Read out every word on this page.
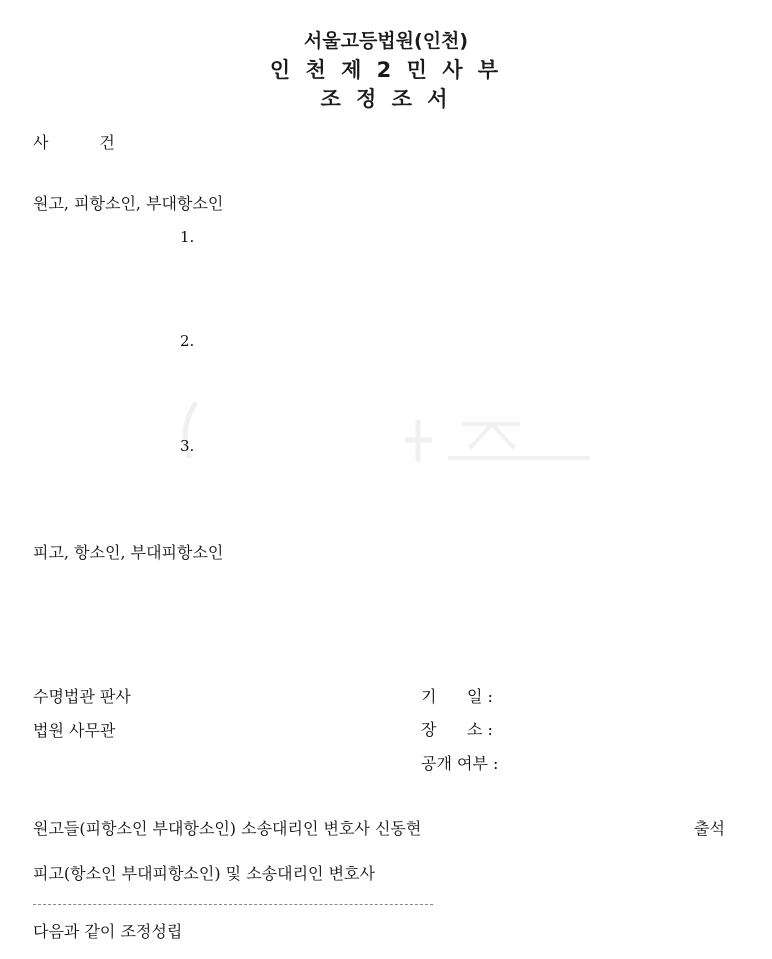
서울고등법원(인천)
인 천 제 2 민 사 부
조 정 조 서
사          건
원고, 피항소인, 부대항소인
1.
2.
3.
피고, 항소인, 부대피항소인
수명법관 판사
법원 사무관
기      일 :
장      소 :
공개 여부 :
원고들(피항소인 부대항소인) 소송대리인 변호사 신동현	출석
피고(항소인 부대피항소인) 및 소송대리인 변호사
다음과 같이 조정성립
